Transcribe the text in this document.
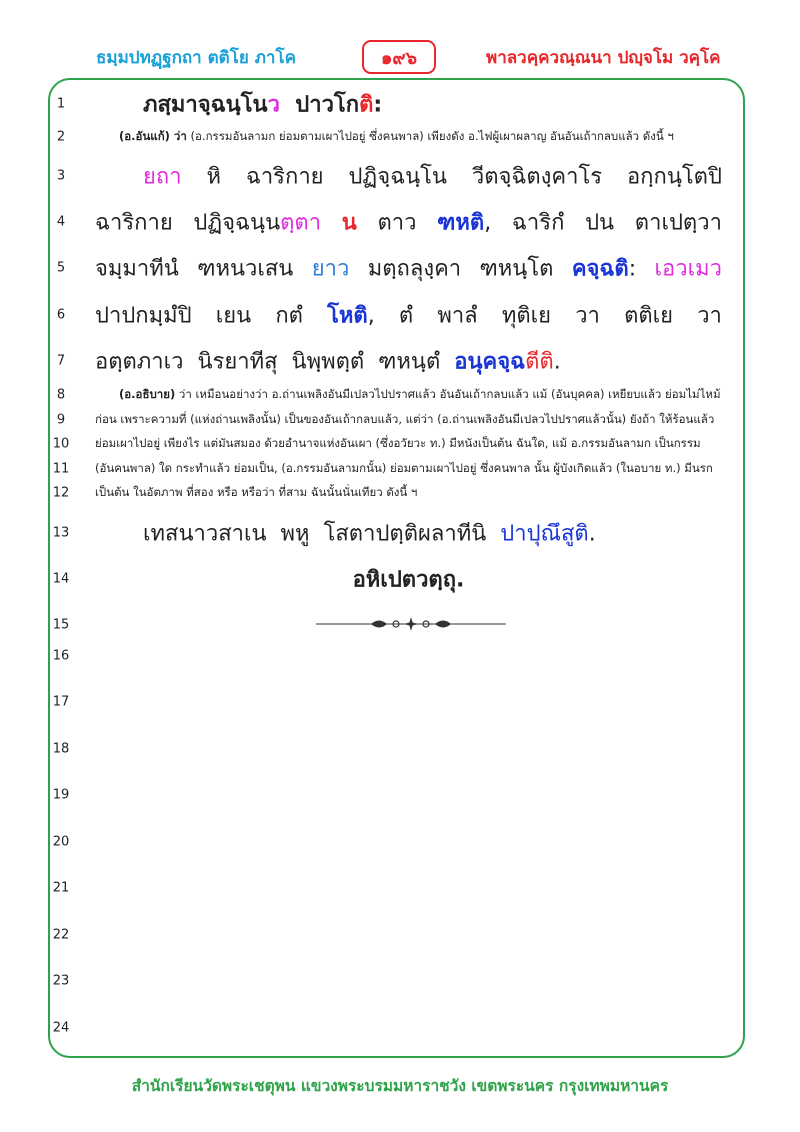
ธมฺมปทฏฺฐกถา ตติโย ภาโค	๑๙๖	พาลวคฺควณฺณนา ปญฺจโม วคฺโค
1
2
3
4
5
6
7
8
9
10
11
12
13
14
15
16
17
18
19
20
21
22
23
24
ภสฺมาจฺฉนฺโนว ปาวโกติ:
(อ.อันแก้) ว่า (อ.กรรมอันลามก ย่อมตามเผาไปอยู่ ซึ่งคนพาล) เพียงดัง อ.ไฟผู้เผาผลาญ อันอันเถ้ากลบแล้ว ดังนี้ ฯ
ยถา หิ ฉาริกาย ปฏิจฺฉนฺโน วีตจฺฉิตงฺคาโร อกฺกนฺโตปิ
ฉาริกาย ปฏิจฺฉนฺนตฺตา น ตาว ฑหติ, ฉาริกํ ปน ตาเปตฺวา
จมฺมาทีนํ ฑหนวเสน ยาว มตฺถลุงฺคา ฑหนฺโต คจฺฉติ: เอวเมว
ปาปกมฺมํปิ เยน กตํ โหติ, ตํ พาลํ ทุติเย วา ตติเย วา
อตฺตภาเว นิรยาทีสุ นิพฺพตฺตํ ฑหนฺตํ อนุคจฺฉตีติ.
(อ.อธิบาย) ว่า เหมือนอย่างว่า อ.ถ่านเพลิงอันมีเปลวไปปราศแล้ว อันอันเถ้ากลบแล้ว แม้ (อันบุคคล) เหยียบแล้ว ย่อมไม่ไหม้
ก่อน เพราะความที่ (แห่งถ่านเพลิงนั้น) เป็นของอันเถ้ากลบแล้ว, แต่ว่า (อ.ถ่านเพลิงอันมีเปลวไปปราศแล้วนั้น) ยังถ้า ให้ร้อนแล้ว
ย่อมเผาไปอยู่ เพียงไร แต่มันสมอง ด้วยอำนาจแห่งอันเผา (ซึ่งอวัยวะ ท.) มีหนังเป็นต้น ฉันใด, แม้ อ.กรรมอันลามก เป็นกรรม
(อันคนพาล) ใด กระทำแล้ว ย่อมเป็น, (อ.กรรมอันลามกนั้น) ย่อมตามเผาไปอยู่ ซึ่งคนพาล นั้น ผู้บังเกิดแล้ว (ในอบาย ท.) มีนรก
เป็นต้น ในอัตภาพ ที่สอง หรือ หรือว่า ที่สาม ฉันนั้นนั่นเทียว ดังนี้ ฯ
เทสนาวสาเน พหู โสตาปตฺติผลาทีนิ ปาปุณึสูติ.
อหิเปตวตฺถุ.
สำนักเรียนวัดพระเชตุพน แขวงพระบรมมหาราชวัง เขตพระนคร กรุงเทพมหานคร
